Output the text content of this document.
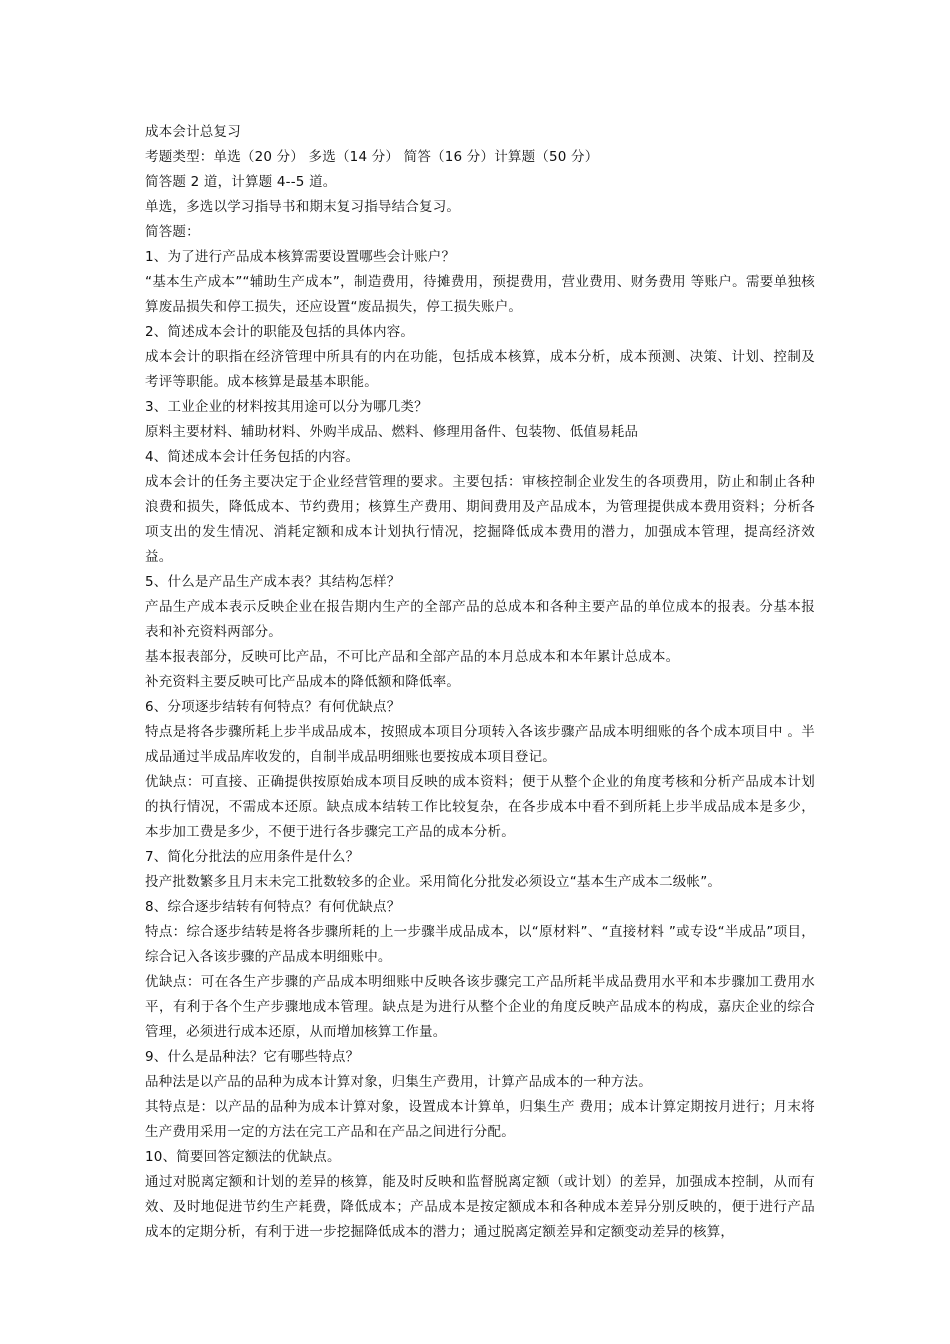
成本会计总复习

考题类型：单选（20 分） 多选（14 分） 简答（16 分）计算题（50 分）

简答题 2 道，计算题 4--5 道。

单选，多选以学习指导书和期末复习指导结合复习。

简答题：

1、为了进行产品成本核算需要设置哪些会计账户？

“基本生产成本”“辅助生产成本”，制造费用，待摊费用，预提费用，营业费用、财务费用 等账户。需要单独核算废品损失和停工损失，还应设置“废品损失，停工损失账户。

2、简述成本会计的职能及包括的具体内容。

成本会计的职指在经济管理中所具有的内在功能，包括成本核算，成本分析，成本预测、决策、计划、控制及考评等职能。成本核算是最基本职能。

3、工业企业的材料按其用途可以分为哪几类？

原料主要材料、辅助材料、外购半成品、燃料、修理用备件、包装物、低值易耗品

4、简述成本会计任务包括的内容。

成本会计的任务主要决定于企业经营管理的要求。主要包括：审核控制企业发生的各项费用，防止和制止各种浪费和损失，降低成本、节约费用；核算生产费用、期间费用及产品成本，为管理提供成本费用资料；分析各项支出的发生情况、消耗定额和成本计划执行情况，挖掘降低成本费用的潜力，加强成本管理，提高经济效益。

5、什么是产品生产成本表？其结构怎样？

产品生产成本表示反映企业在报告期内生产的全部产品的总成本和各种主要产品的单位成本的报表。分基本报表和补充资料两部分。

基本报表部分，反映可比产品，不可比产品和全部产品的本月总成本和本年累计总成本。

补充资料主要反映可比产品成本的降低额和降低率。

6、分项逐步结转有何特点？有何优缺点？

特点是将各步骤所耗上步半成品成本，按照成本项目分项转入各该步骤产品成本明细账的各个成本项目中 。半成品通过半成品库收发的，自制半成品明细账也要按成本项目登记。

优缺点：可直接、正确提供按原始成本项目反映的成本资料；便于从整个企业的角度考核和分析产品成本计划的执行情况，不需成本还原。缺点成本结转工作比较复杂，在各步成本中看不到所耗上步半成品成本是多少，本步加工费是多少，不便于进行各步骤完工产品的成本分析。

7、简化分批法的应用条件是什么？

投产批数繁多且月末未完工批数较多的企业。采用简化分批发必须设立“基本生产成本二级帐”。

8、综合逐步结转有何特点？有何优缺点？

特点：综合逐步结转是将各步骤所耗的上一步骤半成品成本，以“原材料”、“直接材料 ”或专设“半成品”项目，综合记入各该步骤的产品成本明细账中。

优缺点：可在各生产步骤的产品成本明细账中反映各该步骤完工产品所耗半成品费用水平和本步骤加工费用水平，有利于各个生产步骤地成本管理。缺点是为进行从整个企业的角度反映产品成本的构成，嘉庆企业的综合管理，必须进行成本还原，从而增加核算工作量。

9、什么是品种法？它有哪些特点？

品种法是以产品的品种为成本计算对象，归集生产费用，计算产品成本的一种方法。

其特点是：以产品的品种为成本计算对象，设置成本计算单，归集生产 费用；成本计算定期按月进行；月末将生产费用采用一定的方法在完工产品和在产品之间进行分配。

10、简要回答定额法的优缺点。

通过对脱离定额和计划的差异的核算，能及时反映和监督脱离定额（或计划）的差异，加强成本控制，从而有效、及时地促进节约生产耗费，降低成本；产品成本是按定额成本和各种成本差异分别反映的，便于进行产品成本的定期分析，有利于进一步挖掘降低成本的潜力；通过脱离定额差异和定额变动差异的核算，
